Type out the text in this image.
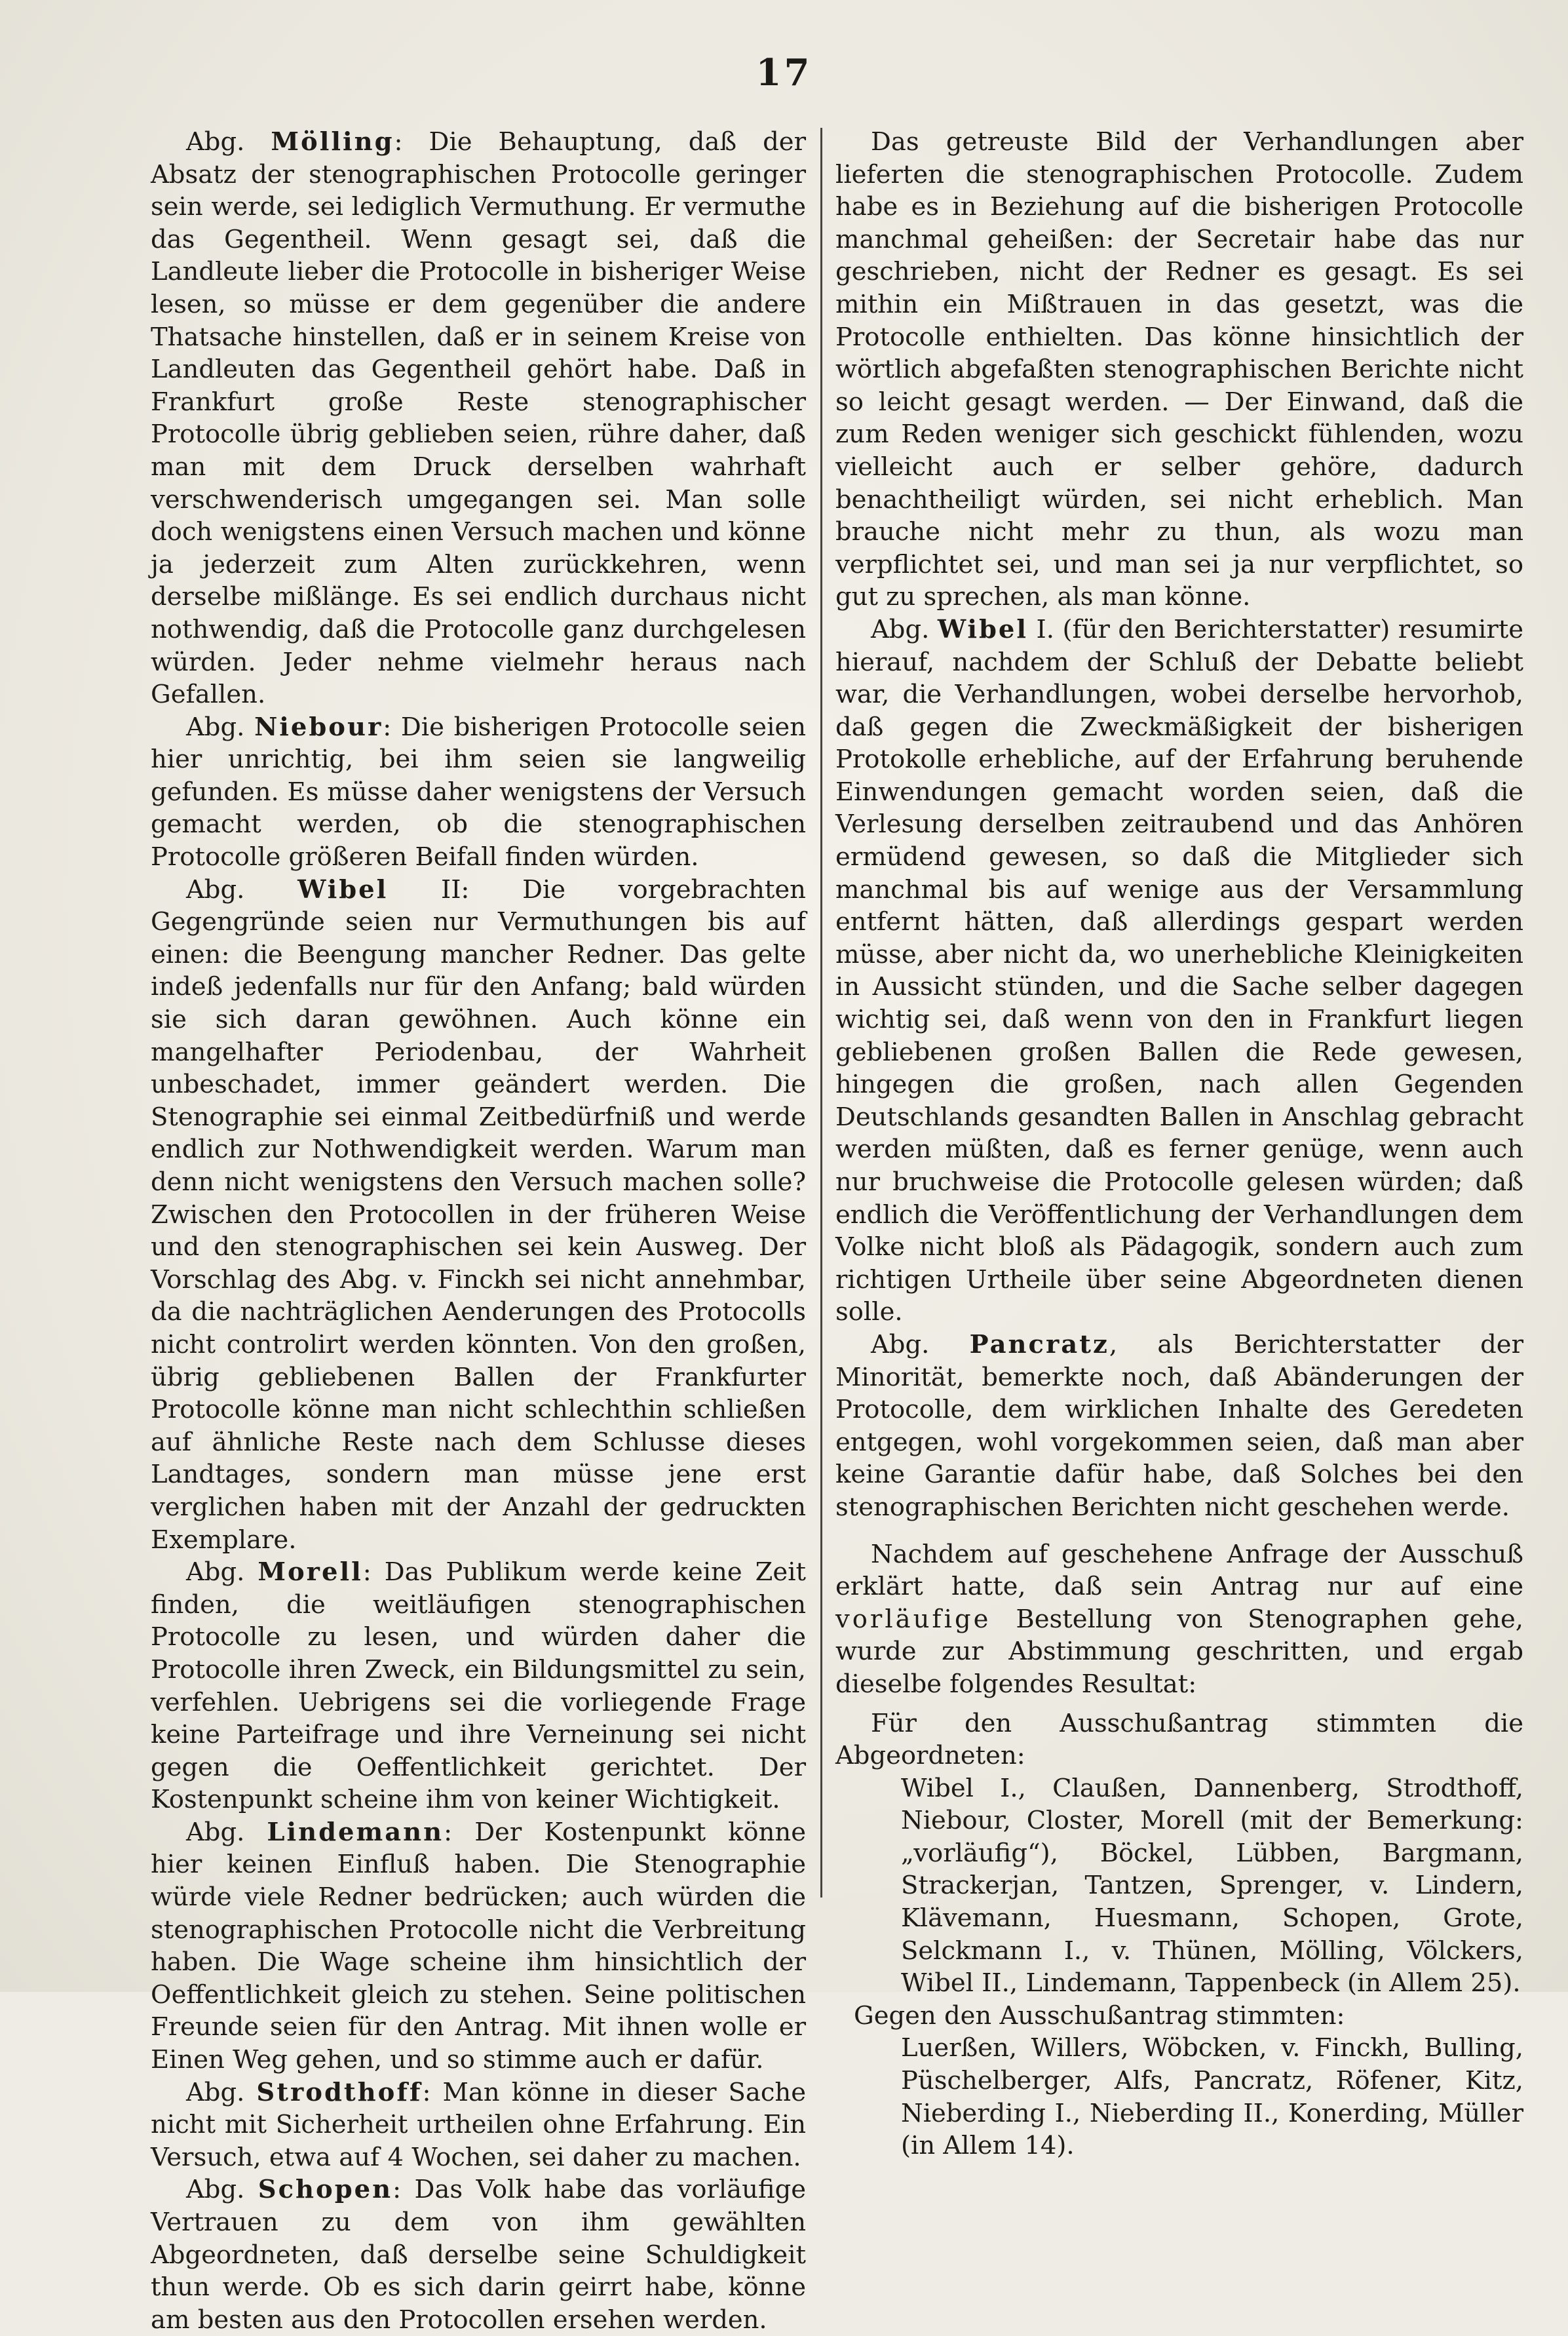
17

Abg. Mölling: Die Behauptung, daß der Absatz der stenographischen Protocolle geringer sein werde, sei lediglich Vermuthung. Er vermuthe das Gegentheil. Wenn gesagt sei, daß die Landleute lieber die Protocolle in bisheriger Weise lesen, so müsse er dem gegenüber die andere Thatsache hinstellen, daß er in seinem Kreise von Landleuten das Gegentheil gehört habe. Daß in Frankfurt große Reste stenographischer Protocolle übrig geblieben seien, rühre daher, daß man mit dem Druck derselben wahrhaft verschwenderisch umgegangen sei. Man solle doch wenigstens einen Versuch machen und könne ja jederzeit zum Alten zurückkehren, wenn derselbe mißlänge. Es sei endlich durchaus nicht nothwendig, daß die Protocolle ganz durchgelesen würden. Jeder nehme vielmehr heraus nach Gefallen.

Abg. Niebour: Die bisherigen Protocolle seien hier unrichtig, bei ihm seien sie langweilig gefunden. Es müsse daher wenigstens der Versuch gemacht werden, ob die stenographischen Protocolle größeren Beifall finden würden.

Abg. Wibel II: Die vorgebrachten Gegengründe seien nur Vermuthungen bis auf einen: die Beengung mancher Redner. Das gelte indeß jedenfalls nur für den Anfang; bald würden sie sich daran gewöhnen. Auch könne ein mangelhafter Periodenbau, der Wahrheit unbeschadet, immer geändert werden. Die Stenographie sei einmal Zeitbedürfniß und werde endlich zur Nothwendigkeit werden. Warum man denn nicht wenigstens den Versuch machen solle? Zwischen den Protocollen in der früheren Weise und den stenographischen sei kein Ausweg. Der Vorschlag des Abg. v. Finckh sei nicht annehmbar, da die nachträglichen Aenderungen des Protocolls nicht controlirt werden könnten. Von den großen, übrig gebliebenen Ballen der Frankfurter Protocolle könne man nicht schlechthin schließen auf ähnliche Reste nach dem Schlusse dieses Landtages, sondern man müsse jene erst verglichen haben mit der Anzahl der gedruckten Exemplare.

Abg. Morell: Das Publikum werde keine Zeit finden, die weitläufigen stenographischen Protocolle zu lesen, und würden daher die Protocolle ihren Zweck, ein Bildungsmittel zu sein, verfehlen. Uebrigens sei die vorliegende Frage keine Parteifrage und ihre Verneinung sei nicht gegen die Oeffentlichkeit gerichtet. Der Kostenpunkt scheine ihm von keiner Wichtigkeit.

Abg. Lindemann: Der Kostenpunkt könne hier keinen Einfluß haben. Die Stenographie würde viele Redner bedrücken; auch würden die stenographischen Protocolle nicht die Verbreitung haben. Die Wage scheine ihm hinsichtlich der Oeffentlichkeit gleich zu stehen. Seine politischen Freunde seien für den Antrag. Mit ihnen wolle er Einen Weg gehen, und so stimme auch er dafür.

Abg. Strodthoff: Man könne in dieser Sache nicht mit Sicherheit urtheilen ohne Erfahrung. Ein Versuch, etwa auf 4 Wochen, sei daher zu machen.

Abg. Schopen: Das Volk habe das vorläufige Vertrauen zu dem von ihm gewählten Abgeordneten, daß derselbe seine Schuldigkeit thun werde. Ob es sich darin geirrt habe, könne am besten aus den Protocollen ersehen werden.

Das getreuste Bild der Verhandlungen aber lieferten die stenographischen Protocolle. Zudem habe es in Beziehung auf die bisherigen Protocolle manchmal geheißen: der Secretair habe das nur geschrieben, nicht der Redner es gesagt. Es sei mithin ein Mißtrauen in das gesetzt, was die Protocolle enthielten. Das könne hinsichtlich der wörtlich abgefaßten stenographischen Berichte nicht so leicht gesagt werden. — Der Einwand, daß die zum Reden weniger sich geschickt fühlenden, wozu vielleicht auch er selber gehöre, dadurch benachtheiligt würden, sei nicht erheblich. Man brauche nicht mehr zu thun, als wozu man verpflichtet sei, und man sei ja nur verpflichtet, so gut zu sprechen, als man könne.

Abg. Wibel I. (für den Berichterstatter) resumirte hierauf, nachdem der Schluß der Debatte beliebt war, die Verhandlungen, wobei derselbe hervorhob, daß gegen die Zweckmäßigkeit der bisherigen Protokolle erhebliche, auf der Erfahrung beruhende Einwendungen gemacht worden seien, daß die Verlesung derselben zeitraubend und das Anhören ermüdend gewesen, so daß die Mitglieder sich manchmal bis auf wenige aus der Versammlung entfernt hätten, daß allerdings gespart werden müsse, aber nicht da, wo unerhebliche Kleinigkeiten in Aussicht stünden, und die Sache selber dagegen wichtig sei, daß wenn von den in Frankfurt liegen gebliebenen großen Ballen die Rede gewesen, hingegen die großen, nach allen Gegenden Deutschlands gesandten Ballen in Anschlag gebracht werden müßten, daß es ferner genüge, wenn auch nur bruchweise die Protocolle gelesen würden; daß endlich die Veröffentlichung der Verhandlungen dem Volke nicht bloß als Pädagogik, sondern auch zum richtigen Urtheile über seine Abgeordneten dienen solle.

Abg. Pancratz, als Berichterstatter der Minorität, bemerkte noch, daß Abänderungen der Protocolle, dem wirklichen Inhalte des Geredeten entgegen, wohl vorgekommen seien, daß man aber keine Garantie dafür habe, daß Solches bei den stenographischen Berichten nicht geschehen werde.

Nachdem auf geschehene Anfrage der Ausschuß erklärt hatte, daß sein Antrag nur auf eine vorläufige Bestellung von Stenographen gehe, wurde zur Abstimmung geschritten, und ergab dieselbe folgendes Resultat:

Für den Ausschußantrag stimmten die Abgeordneten:

Wibel I., Claußen, Dannenberg, Strodthoff, Niebour, Closter, Morell (mit der Bemerkung: „vorläufig“), Böckel, Lübben, Bargmann, Strackerjan, Tantzen, Sprenger, v. Lindern, Klävemann, Huesmann, Schopen, Grote, Selckmann I., v. Thünen, Mölling, Völckers, Wibel II., Lindemann, Tappenbeck (in Allem 25).

Gegen den Ausschußantrag stimmten:

Luerßen, Willers, Wöbcken, v. Finckh, Bulling, Püschelberger, Alfs, Pancratz, Röfener, Kitz, Nieberding I., Nieberding II., Konerding, Müller (in Allem 14).
